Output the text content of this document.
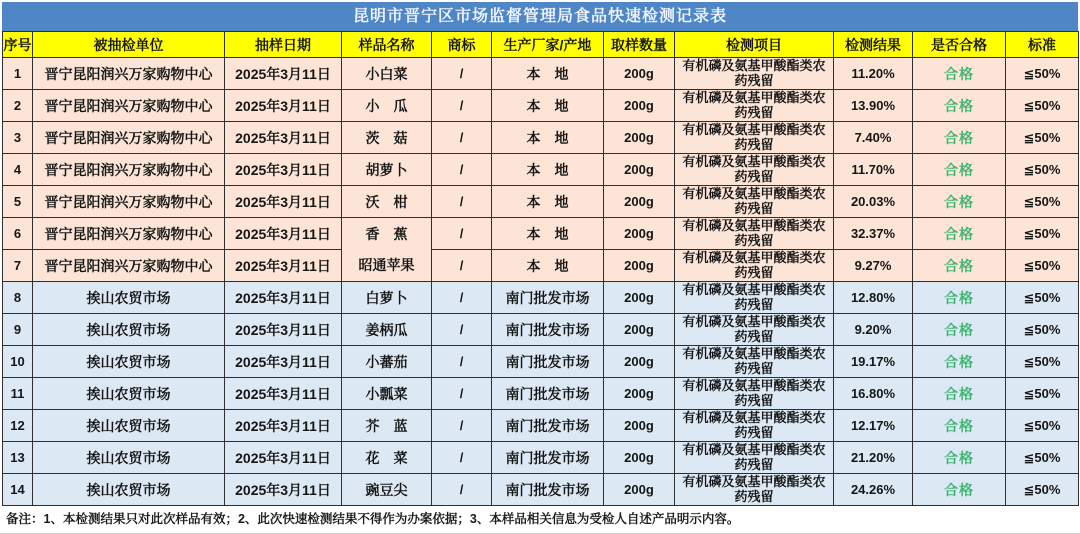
昆明市晋宁区市场监督管理局食品快速检测记录表
序号	被抽检单位	抽样日期	样品名称	商标	生产厂家/产地	取样数量	检测项目	检测结果	是否合格	标准
1	晋宁昆阳润兴万家购物中心	2025年3月11日	小白菜	/	本　地	200g	有机磷及氨基甲酸酯类农药残留	11.20%	合格	≦50%
2	晋宁昆阳润兴万家购物中心	2025年3月11日	小　瓜	/	本　地	200g	有机磷及氨基甲酸酯类农药残留	13.90%	合格	≦50%
3	晋宁昆阳润兴万家购物中心	2025年3月11日	茨　菇	/	本　地	200g	有机磷及氨基甲酸酯类农药残留	7.40%	合格	≦50%
4	晋宁昆阳润兴万家购物中心	2025年3月11日	胡萝卜	/	本　地	200g	有机磷及氨基甲酸酯类农药残留	11.70%	合格	≦50%
5	晋宁昆阳润兴万家购物中心	2025年3月11日	沃　柑	/	本　地	200g	有机磷及氨基甲酸酯类农药残留	20.03%	合格	≦50%
6	晋宁昆阳润兴万家购物中心	2025年3月11日	香　蕉	/	本　地	200g	有机磷及氨基甲酸酯类农药残留	32.37%	合格	≦50%
7	晋宁昆阳润兴万家购物中心	2025年3月11日	昭通苹果	/	本　地	200g	有机磷及氨基甲酸酯类农药残留	9.27%	合格	≦50%
8	挨山农贸市场	2025年3月11日	白萝卜	/	南门批发市场	200g	有机磷及氨基甲酸酯类农药残留	12.80%	合格	≦50%
9	挨山农贸市场	2025年3月11日	姜柄瓜	/	南门批发市场	200g	有机磷及氨基甲酸酯类农药残留	9.20%	合格	≦50%
10	挨山农贸市场	2025年3月11日	小蕃茄	/	南门批发市场	200g	有机磷及氨基甲酸酯类农药残留	19.17%	合格	≦50%
11	挨山农贸市场	2025年3月11日	小瓢菜	/	南门批发市场	200g	有机磷及氨基甲酸酯类农药残留	16.80%	合格	≦50%
12	挨山农贸市场	2025年3月11日	芥　蓝	/	南门批发市场	200g	有机磷及氨基甲酸酯类农药残留	12.17%	合格	≦50%
13	挨山农贸市场	2025年3月11日	花　菜	/	南门批发市场	200g	有机磷及氨基甲酸酯类农药残留	21.20%	合格	≦50%
14	挨山农贸市场	2025年3月11日	豌豆尖	/	南门批发市场	200g	有机磷及氨基甲酸酯类农药残留	24.26%	合格	≦50%
备注：1、本检测结果只对此次样品有效；2、此次快速检测结果不得作为办案依据；3、本样品相关信息为受检人自述产品明示内容。
